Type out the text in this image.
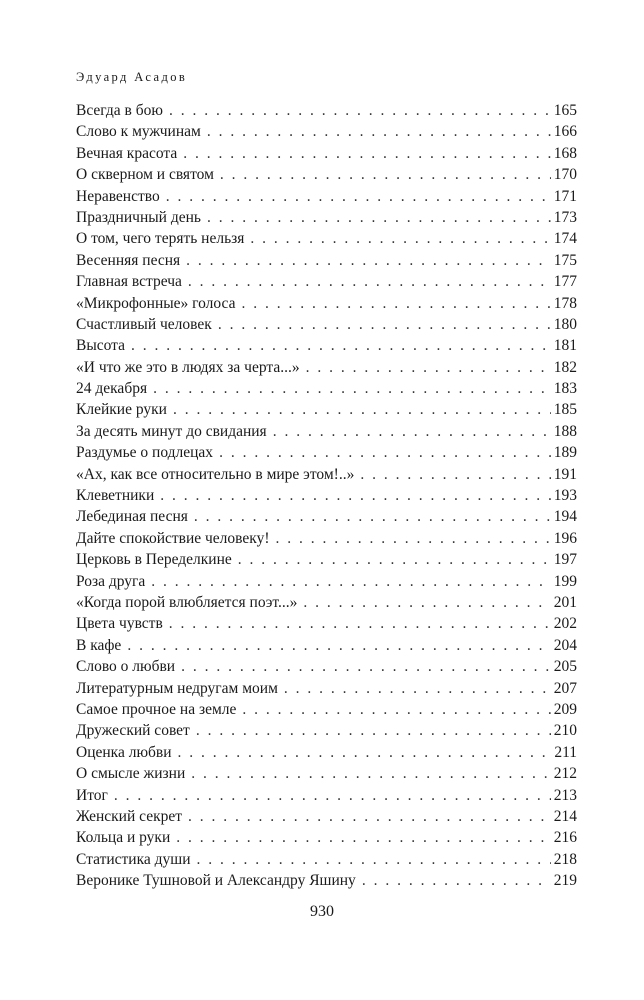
Эдуард Асадов
Всегда в бою . . .	165
Слово к мужчинам . . .	166
Вечная красота . . .	168
О скверном и святом . . .	170
Неравенство . . .	171
Праздничный день . . .	173
О том, чего терять нельзя . . .	174
Весенняя песня . . .	175
Главная встреча . . .	177
«Микрофонные» голоса . . .	178
Счастливый человек . . .	180
Высота . . .	181
«И что же это в людях за черта...» . . .	182
24 декабря . . .	183
Клейкие руки . . .	185
За десять минут до свидания . . .	188
Раздумье о подлецах . . .	189
«Ах, как все относительно в мире этом!..» . . .	191
Клеветники . . .	193
Лебединая песня . . .	194
Дайте спокойствие человеку! . . .	196
Церковь в Переделкине . . .	197
Роза друга . . .	199
«Когда порой влюбляется поэт...» . . .	201
Цвета чувств . . .	202
В кафе . . .	204
Слово о любви . . .	205
Литературным недругам моим . . .	207
Самое прочное на земле . . .	209
Дружеский совет . . .	210
Оценка любви . . .	211
О смысле жизни . . .	212
Итог . . .	213
Женский секрет . . .	214
Кольца и руки . . .	216
Статистика души . . .	218
Веронике Тушновой и Александру Яшину . . .	219
930
